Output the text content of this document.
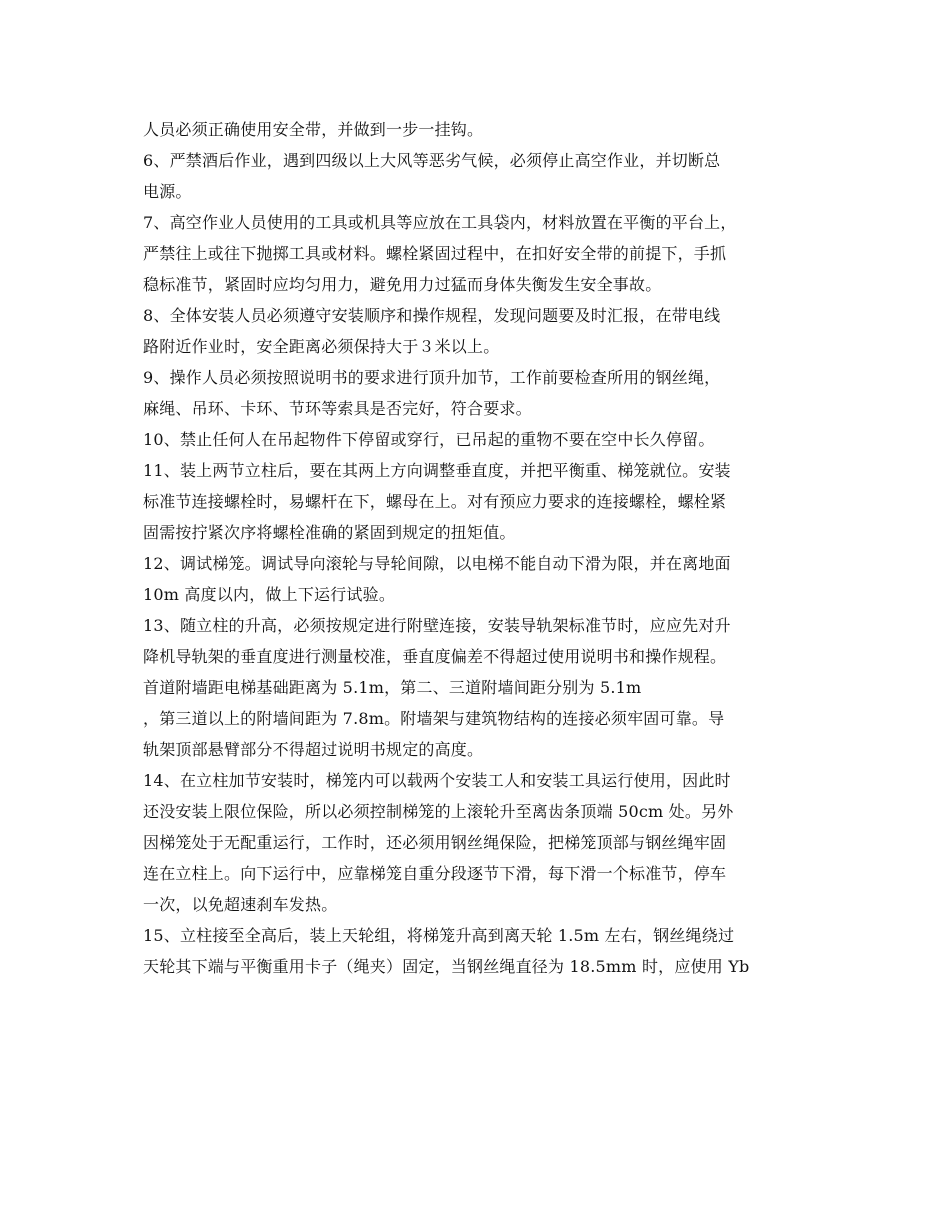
人员必须正确使用安全带，并做到一步一挂钩。
6、严禁酒后作业，遇到四级以上大风等恶劣气候，必须停止高空作业，并切断总
电源。
7、高空作业人员使用的工具或机具等应放在工具袋内，材料放置在平衡的平台上，
严禁往上或往下抛掷工具或材料。螺栓紧固过程中，在扣好安全带的前提下，手抓
稳标准节，紧固时应均匀用力，避免用力过猛而身体失衡发生安全事故。
8、全体安装人员必须遵守安装顺序和操作规程，发现问题要及时汇报，在带电线
路附近作业时，安全距离必须保持大于３米以上。
9、操作人员必须按照说明书的要求进行顶升加节，工作前要检查所用的钢丝绳，
麻绳、吊环、卡环、节环等索具是否完好，符合要求。
10、禁止任何人在吊起物件下停留或穿行，已吊起的重物不要在空中长久停留。
11、装上两节立柱后，要在其两上方向调整垂直度，并把平衡重、梯笼就位。安装
标准节连接螺栓时，易螺杆在下，螺母在上。对有预应力要求的连接螺栓，螺栓紧
固需按拧紧次序将螺栓准确的紧固到规定的扭矩值。
12、调试梯笼。调试导向滚轮与导轮间隙，以电梯不能自动下滑为限，并在离地面
10m 高度以内，做上下运行试验。
13、随立柱的升高，必须按规定进行附壁连接，安装导轨架标准节时，应应先对升
降机导轨架的垂直度进行测量校准，垂直度偏差不得超过使用说明书和操作规程。
首道附墙距电梯基础距离为 5.1m，第二、三道附墙间距分别为 5.1m
，第三道以上的附墙间距为 7.8m。附墙架与建筑物结构的连接必须牢固可靠。导
轨架顶部悬臂部分不得超过说明书规定的高度。
14、在立柱加节安装时，梯笼内可以载两个安装工人和安装工具运行使用，因此时
还没安装上限位保险，所以必须控制梯笼的上滚轮升至离齿条顶端 50cm 处。另外
因梯笼处于无配重运行，工作时，还必须用钢丝绳保险，把梯笼顶部与钢丝绳牢固
连在立柱上。向下运行中，应靠梯笼自重分段逐节下滑，每下滑一个标准节，停车
一次，以免超速刹车发热。
15、立柱接至全高后，装上天轮组，将梯笼升高到离天轮 1.5m 左右，钢丝绳绕过
天轮其下端与平衡重用卡子（绳夹）固定，当钢丝绳直径为 18.5mm 时，应使用 Yb
